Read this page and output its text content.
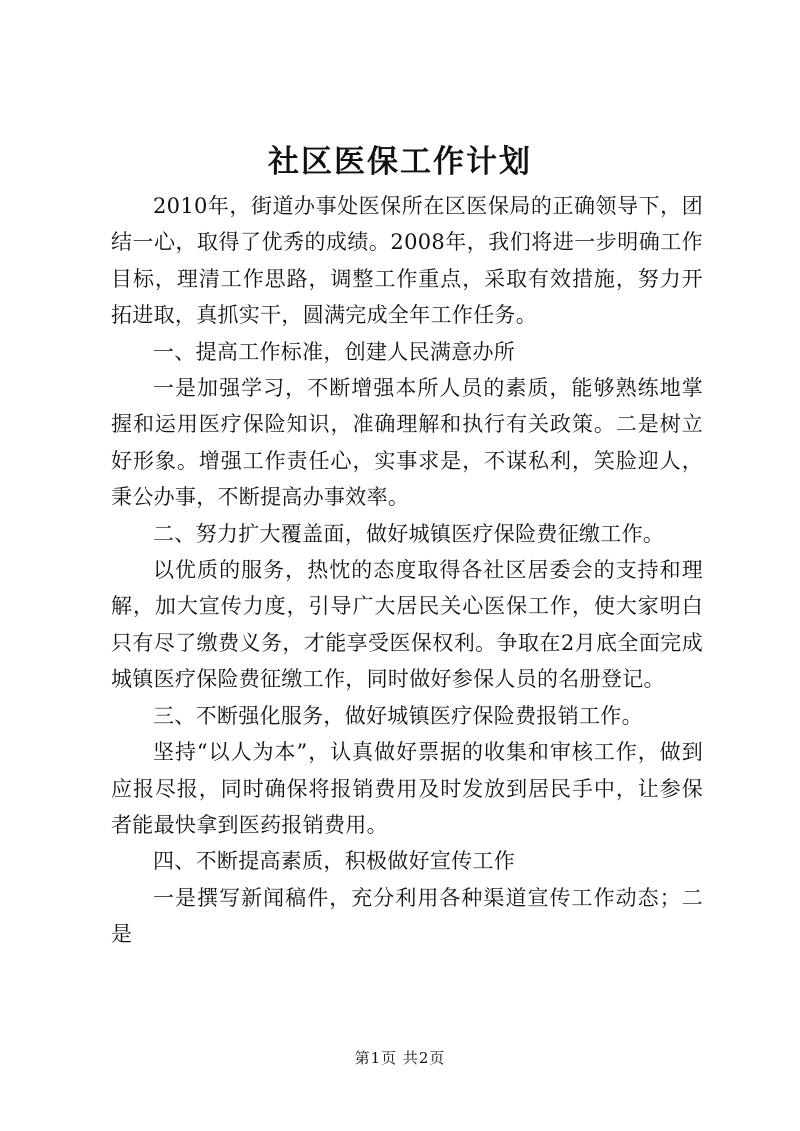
社区医保工作计划

2010年，街道办事处医保所在区医保局的正确领导下，团结一心，取得了优秀的成绩。2008年，我们将进一步明确工作目标，理清工作思路，调整工作重点，采取有效措施，努力开拓进取，真抓实干，圆满完成全年工作任务。

一、提高工作标准，创建人民满意办所

一是加强学习，不断增强本所人员的素质，能够熟练地掌握和运用医疗保险知识，准确理解和执行有关政策。二是树立好形象。增强工作责任心，实事求是，不谋私利，笑脸迎人，秉公办事，不断提高办事效率。

二、努力扩大覆盖面，做好城镇医疗保险费征缴工作。

以优质的服务，热忱的态度取得各社区居委会的支持和理解，加大宣传力度，引导广大居民关心医保工作，使大家明白只有尽了缴费义务，才能享受医保权利。争取在2月底全面完成城镇医疗保险费征缴工作，同时做好参保人员的名册登记。

三、不断强化服务，做好城镇医疗保险费报销工作。

坚持“以人为本”，认真做好票据的收集和审核工作，做到应报尽报，同时确保将报销费用及时发放到居民手中，让参保者能最快拿到医药报销费用。

四、不断提高素质，积极做好宣传工作

一是撰写新闻稿件，充分利用各种渠道宣传工作动态；二是

第1页 共2页
